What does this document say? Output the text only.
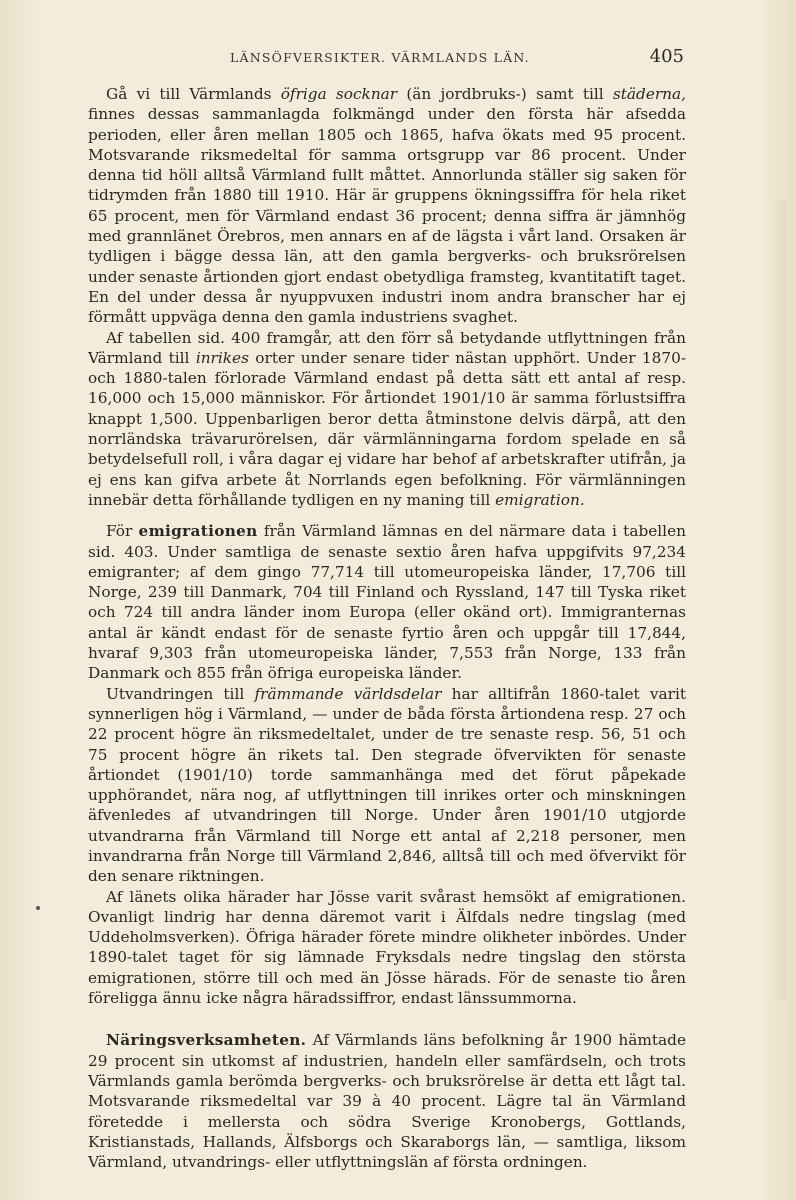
LÄNSÖFVERSIKTER. VÄRMLANDS LÄN.	405

Gå vi till Värmlands öfriga socknar (än jordbruks-) samt till städerna, finnes dessas sammanlagda folkmängd under den första här afsedda perioden, eller åren mellan 1805 och 1865, hafva ökats med 95 procent. Motsvarande riksmedeltal för samma ortsgrupp var 86 procent. Under denna tid höll alltså Värmland fullt måttet. Annorlunda ställer sig saken för tidrymden från 1880 till 1910. Här är gruppens ökningssiffra för hela riket 65 procent, men för Värmland endast 36 procent; denna siffra är jämnhög med grannlänet Örebros, men annars en af de lägsta i vårt land. Orsaken är tydligen i bägge dessa län, att den gamla bergverks- och bruksrörelsen under senaste årtionden gjort endast obetydliga framsteg, kvantitatift taget. En del under dessa år nyuppvuxen industri inom andra branscher har ej förmått uppväga denna den gamla industriens svaghet.

Af tabellen sid. 400 framgår, att den förr så betydande utflyttningen från Värmland till inrikes orter under senare tider nästan upphört. Under 1870- och 1880-talen förlorade Värmland endast på detta sätt ett antal af resp. 16,000 och 15,000 människor. För årtiondet 1901/10 är samma förlustsiffra knappt 1,500. Uppenbarligen beror detta åtminstone delvis därpå, att den norrländska trävarurörelsen, där värmlänningarna fordom spelade en så betydelsefull roll, i våra dagar ej vidare har behof af arbetskrafter utifrån, ja ej ens kan gifva arbete åt Norrlands egen befolkning. För värmlänningen innebär detta förhållande tydligen en ny maning till emigration.

För emigrationen från Värmland lämnas en del närmare data i tabellen sid. 403. Under samtliga de senaste sextio åren hafva uppgifvits 97,234 emigranter; af dem gingo 77,714 till utomeuropeiska länder, 17,706 till Norge, 239 till Danmark, 704 till Finland och Ryssland, 147 till Tyska riket och 724 till andra länder inom Europa (eller okänd ort). Immigranternas antal är kändt endast för de senaste fyrtio åren och uppgår till 17,844, hvaraf 9,303 från utomeuropeiska länder, 7,553 från Norge, 133 från Danmark och 855 från öfriga europeiska länder.

Utvandringen till främmande världsdelar har alltifrån 1860-talet varit synnerligen hög i Värmland, — under de båda första årtiondena resp. 27 och 22 procent högre än riksmedeltalet, under de tre senaste resp. 56, 51 och 75 procent högre än rikets tal. Den stegrade öfvervikten för senaste årtiondet (1901/10) torde sammanhänga med det förut påpekade upphörandet, nära nog, af utflyttningen till inrikes orter och minskningen äfvenledes af utvandringen till Norge. Under åren 1901/10 utgjorde utvandrarna från Värmland till Norge ett antal af 2,218 personer, men invandrarna från Norge till Värmland 2,846, alltså till och med öfvervikt för den senare riktningen.

Af länets olika härader har Jösse varit svårast hemsökt af emigrationen. Ovanligt lindrig har denna däremot varit i Älfdals nedre tingslag (med Uddeholmsverken). Öfriga härader förete mindre olikheter inbördes. Under 1890-talet taget för sig lämnade Fryksdals nedre tingslag den största emigrationen, större till och med än Jösse härads. För de senaste tio åren föreligga ännu icke några häradssiffror, endast länssummorna.

Näringsverksamheten. Af Värmlands läns befolkning år 1900 hämtade 29 procent sin utkomst af industrien, handeln eller samfärdseln, och trots Värmlands gamla berömda bergverks- och bruksrörelse är detta ett lågt tal. Motsvarande riksmedeltal var 39 à 40 procent. Lägre tal än Värmland företedde i mellersta och södra Sverige Kronobergs, Gottlands, Kristianstads, Hallands, Älfsborgs och Skaraborgs län, — samtliga, liksom Värmland, utvandrings- eller utflyttningslän af första ordningen.
